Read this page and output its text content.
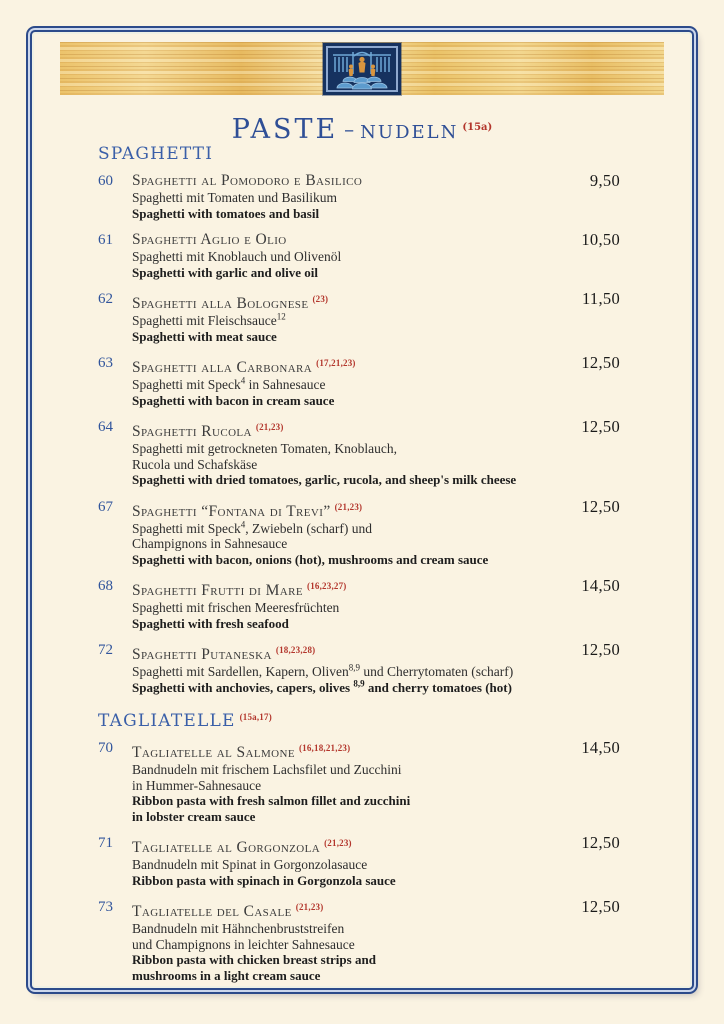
PASTE – NUDELN $^{(15a)}$
SPAGHETTI
60	Spaghetti al Pomodoro e Basilico
Spaghetti mit Tomaten und Basilikum
Spaghetti with tomatoes and basil
9,50
61	Spaghetti Aglio e Olio
Spaghetti mit Knoblauch und Olivenöl
Spaghetti with garlic and olive oil
10,50
62	Spaghetti alla Bolognese $^{(23)}$
Spaghetti mit Fleischsauce$^{12}$
Spaghetti with meat sauce
11,50
63	Spaghetti alla Carbonara $^{(17,21,23)}$
Spaghetti mit Speck$^4$ in Sahnesauce
Spaghetti with bacon in cream sauce
12,50
64	Spaghetti Rucola $^{(21,23)}$
Spaghetti mit getrockneten Tomaten, Knoblauch,
Rucola und Schafskäse
Spaghetti with dried tomatoes, garlic, rucola, and sheep's milk cheese
12,50
67	Spaghetti “Fontana di Trevi” $^{(21,23)}$
Spaghetti mit Speck$^4$, Zwiebeln (scharf) und
Champignons in Sahnesauce
Spaghetti with bacon, onions (hot), mushrooms and cream sauce
12,50
68	Spaghetti Frutti di Mare $^{(16,23,27)}$
Spaghetti mit frischen Meeresfrüchten
Spaghetti with fresh seafood
14,50
72	Spaghetti Putaneska $^{(18,23,28)}$
Spaghetti mit Sardellen, Kapern, Oliven$^{8,9}$ und Cherrytomaten (scharf)
Spaghetti with anchovies, capers, olives $^{8,9}$ and cherry tomatoes (hot)
12,50
TAGLIATELLE $^{(15a,17)}$
70	Tagliatelle al Salmone $^{(16,18,21,23)}$
Bandnudeln mit frischem Lachsfilet und Zucchini
in Hummer-Sahnesauce
Ribbon pasta with fresh salmon fillet and zucchini
in lobster cream sauce
14,50
71	Tagliatelle al Gorgonzola $^{(21,23)}$
Bandnudeln mit Spinat in Gorgonzolasauce
Ribbon pasta with spinach in Gorgonzola sauce
12,50
73	Tagliatelle del Casale $^{(21,23)}$
Bandnudeln mit Hähnchenbruststreifen
und Champignons in leichter Sahnesauce
Ribbon pasta with chicken breast strips and
mushrooms in a light cream sauce
12,50
